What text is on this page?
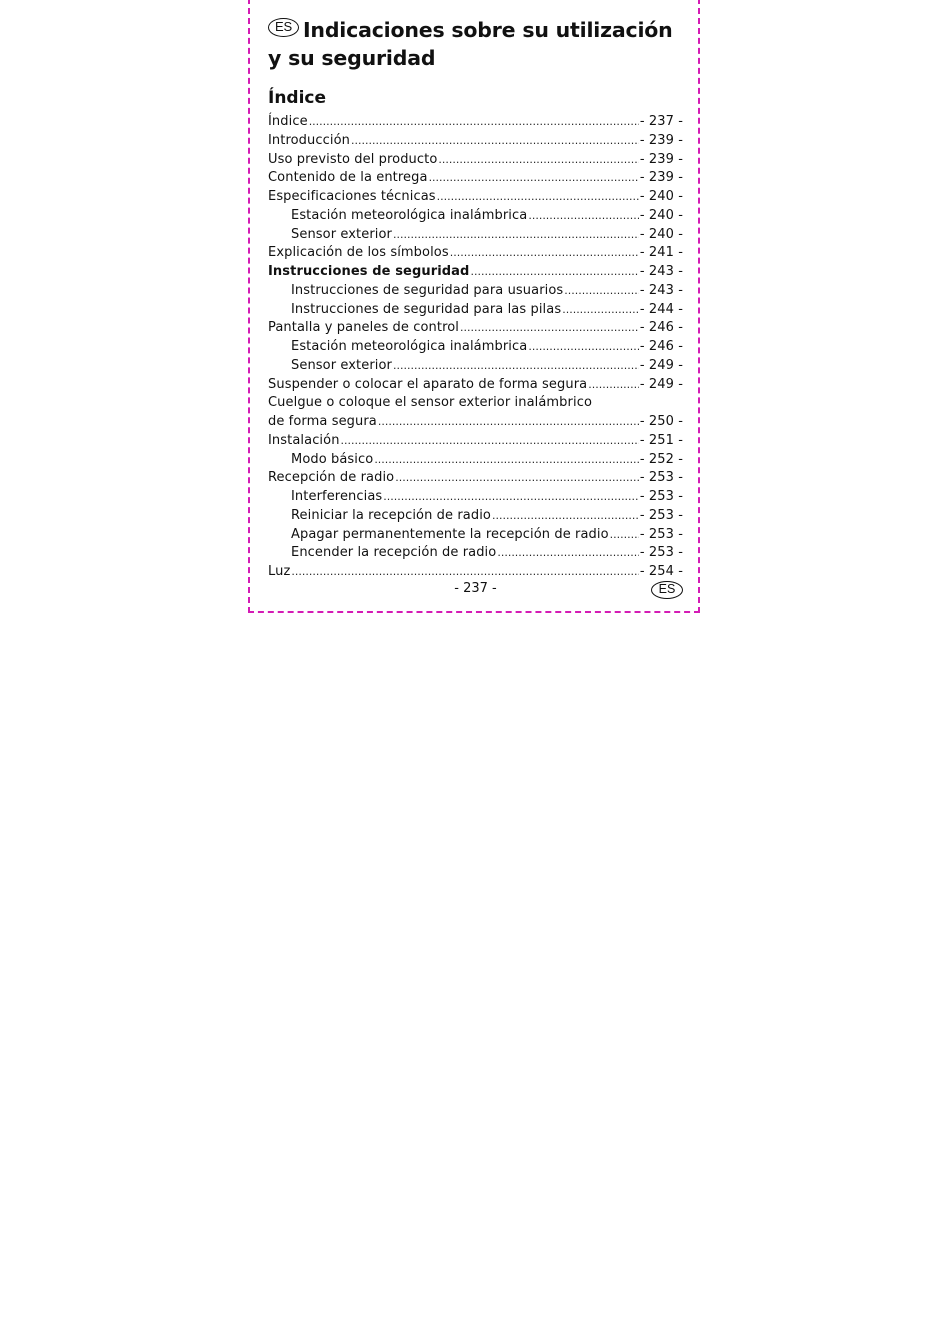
ES Indicaciones sobre su utilización y su seguridad
Índice
Índice .....	- 237 -
Introducción .....	- 239 -
Uso previsto del producto .....	- 239 -
Contenido de la entrega .....	- 239 -
Especificaciones técnicas .....	- 240 -
Estación meteorológica inalámbrica .....	- 240 -
Sensor exterior .....	- 240 -
Explicación de los símbolos .....	- 241 -
Instrucciones de seguridad .....	- 243 -
Instrucciones de seguridad para usuarios .....	- 243 -
Instrucciones de seguridad para las pilas .....	- 244 -
Pantalla y paneles de control .....	- 246 -
Estación meteorológica inalámbrica .....	- 246 -
Sensor exterior .....	- 249 -
Suspender o colocar el aparato de forma segura .....	- 249 -
Cuelgue o coloque el sensor exterior inalámbrico
de forma segura .....	- 250 -
Instalación .....	- 251 -
Modo básico .....	- 252 -
Recepción de radio .....	- 253 -
Interferencias .....	- 253 -
Reiniciar la recepción de radio .....	- 253 -
Apagar permanentemente la recepción de radio ..... - 253 -
Encender la recepción de radio .....	- 253 -
Luz .....	- 254 -
- 237 -	ES
